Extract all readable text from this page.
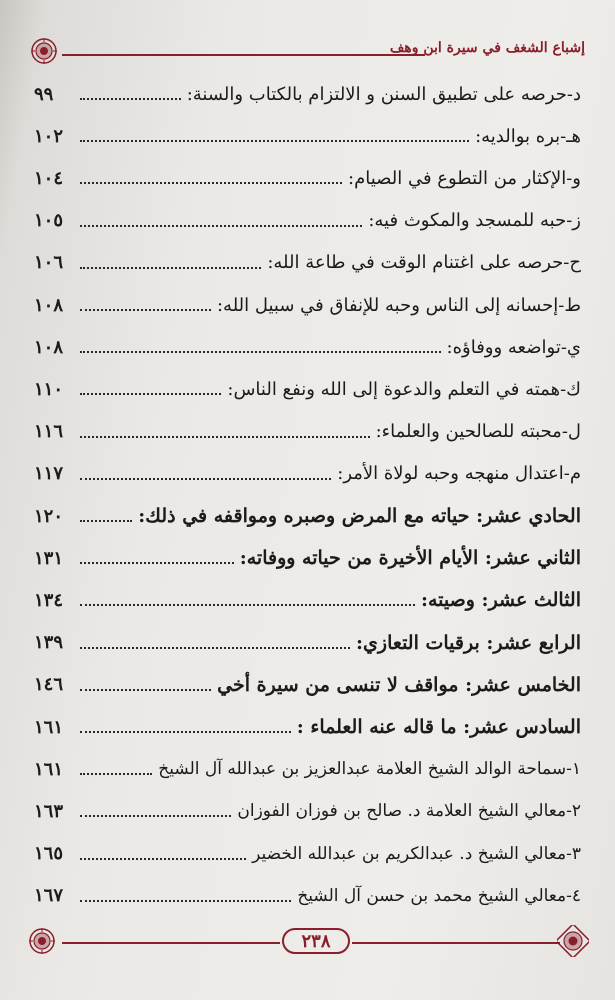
إشباع الشغف في سيرة ابن وهف
د-حرصه على تطبيق السنن و الالتزام بالكتاب والسنة:
٩٩
هـ-بره بوالديه:
١٠٢
و-الإكثار من التطوع في الصيام:
١٠٤
ز-حبه للمسجد والمكوث فيه:
١٠٥
ح-حرصه على اغتنام الوقت في طاعة الله:
١٠٦
ط-إحسانه إلى الناس وحبه للإنفاق في سبيل الله:
١٠٨
ي-تواضعه ووفاؤه:
١٠٨
ك-همته في التعلم والدعوة إلى الله ونفع الناس:
١١٠
ل-محبته للصالحين والعلماء:
١١٦
م-اعتدال منهجه وحبه لولاة الأمر:
١١٧
الحادي عشر: حياته مع المرض وصبره ومواقفه في ذلك:
١٢٠
الثاني عشر: الأيام الأخيرة من حياته ووفاته:
١٣١
الثالث عشر: وصيته:
١٣٤
الرابع عشر: برقيات التعازي:
١٣٩
الخامس عشر: مواقف لا تنسى من سيرة أخي
١٤٦
السادس عشر: ما قاله عنه العلماء :
١٦١
١-سماحة الوالد الشيخ العلامة عبدالعزيز بن عبدالله آل الشيخ
١٦١
٢-معالي الشيخ العلامة د. صالح بن فوزان الفوزان
١٦٣
٣-معالي الشيخ د. عبدالكريم بن عبدالله الخضير
١٦٥
٤-معالي الشيخ محمد بن حسن آل الشيخ
١٦٧
٢٣٨
